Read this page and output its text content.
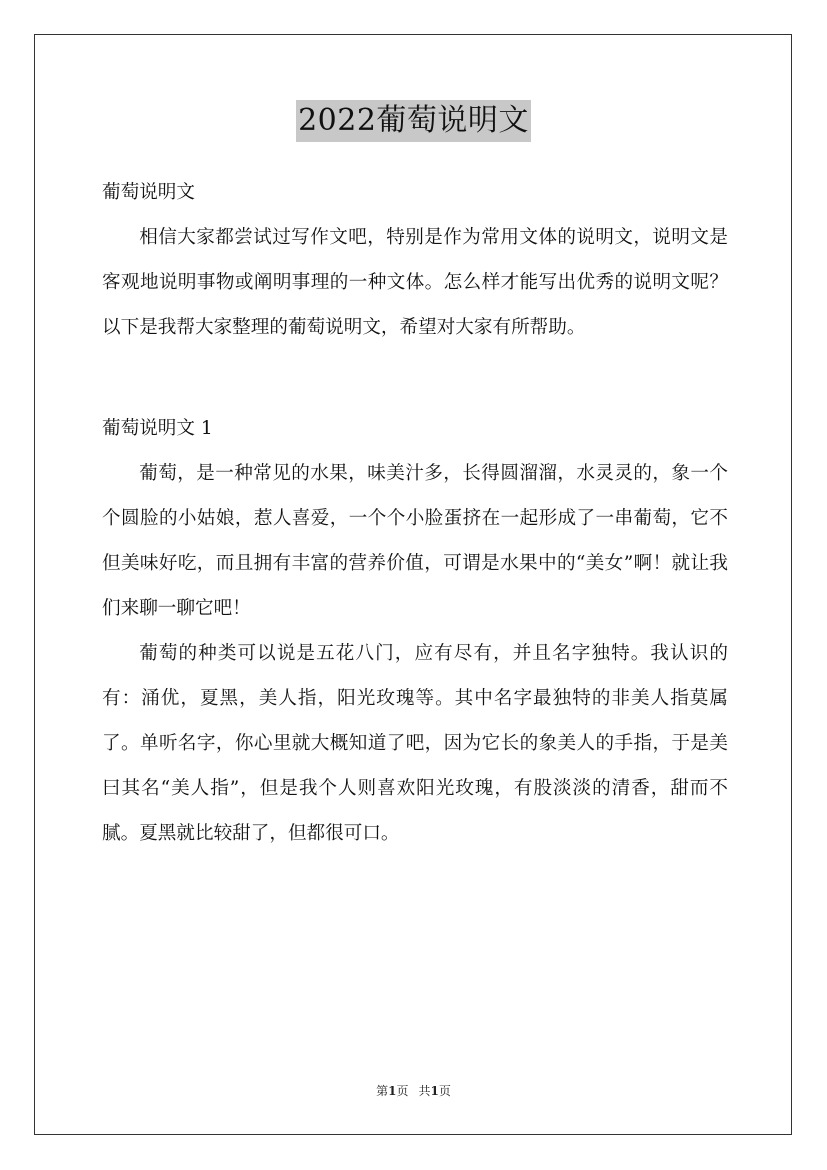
2022葡萄说明文

葡萄说明文

相信大家都尝试过写作文吧，特别是作为常用文体的说明文，说明文是客观地说明事物或阐明事理的一种文体。怎么样才能写出优秀的说明文呢？以下是我帮大家整理的葡萄说明文，希望对大家有所帮助。

葡萄说明文 1

葡萄，是一种常见的水果，味美汁多，长得圆溜溜，水灵灵的，象一个个圆脸的小姑娘，惹人喜爱，一个个小脸蛋挤在一起形成了一串葡萄，它不但美味好吃，而且拥有丰富的营养价值，可谓是水果中的“美女”啊！就让我们来聊一聊它吧！

葡萄的种类可以说是五花八门，应有尽有，并且名字独特。我认识的有：涌优，夏黑，美人指，阳光玫瑰等。其中名字最独特的非美人指莫属了。单听名字，你心里就大概知道了吧，因为它长的象美人的手指，于是美曰其名“美人指”，但是我个人则喜欢阳光玫瑰，有股淡淡的清香，甜而不腻。夏黑就比较甜了，但都很可口。

第1页 共1页
